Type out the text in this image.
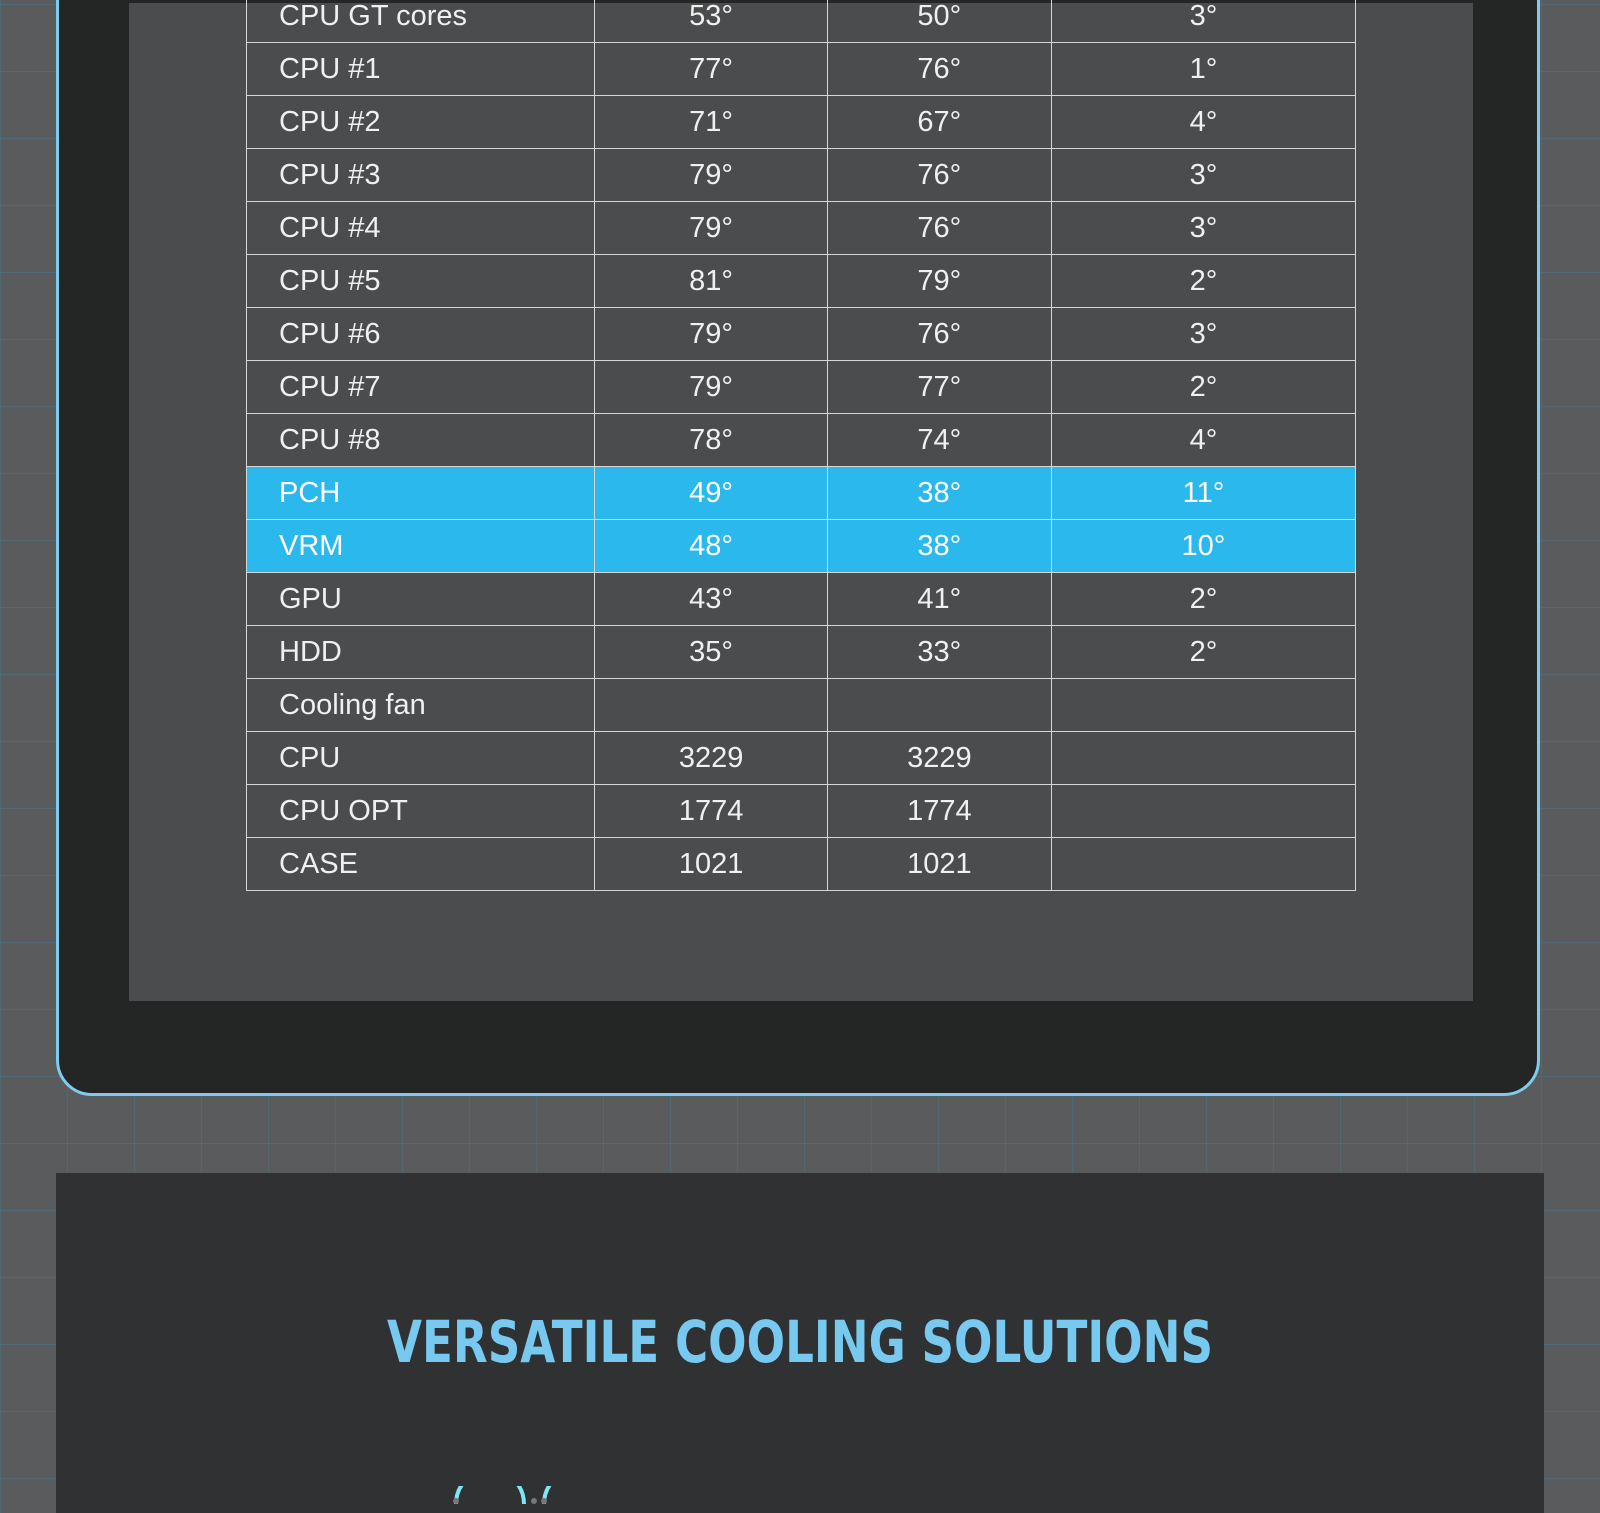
CPU GT cores	53°	50°	3°
CPU #1	77°	76°	1°
CPU #2	71°	67°	4°
CPU #3	79°	76°	3°
CPU #4	79°	76°	3°
CPU #5	81°	79°	2°
CPU #6	79°	76°	3°
CPU #7	79°	77°	2°
CPU #8	78°	74°	4°
PCH	49°	38°	11°
VRM	48°	38°	10°
GPU	43°	41°	2°
HDD	35°	33°	2°
Cooling fan			
CPU	3229	3229	
CPU OPT	1774	1774	
CASE	1021	1021	
VERSATILE COOLING SOLUTIONS
